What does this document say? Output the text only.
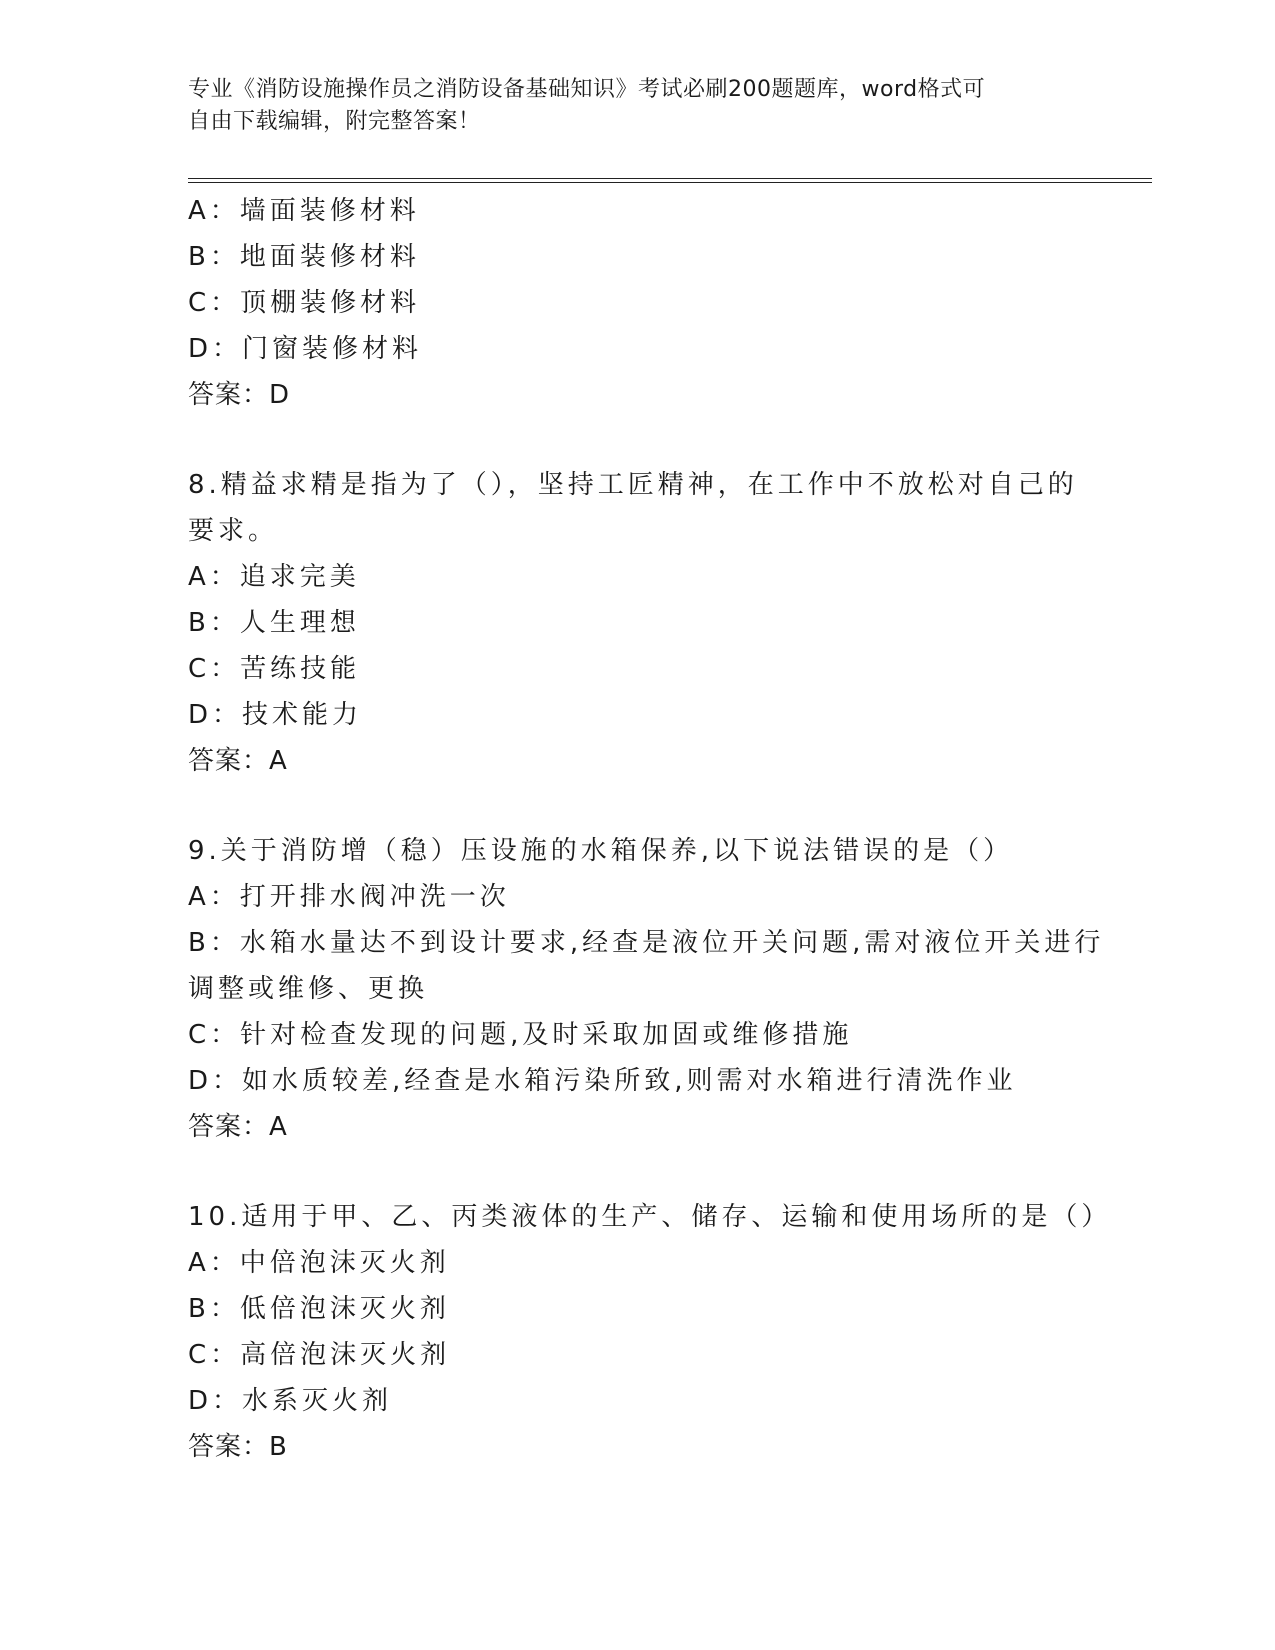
专业《消防设施操作员之消防设备基础知识》考试必刷200题题库，word格式可
自由下载编辑，附完整答案！
A：墙面装修材料
B：地面装修材料
C：顶棚装修材料
D：门窗装修材料
答案：D
8.精益求精是指为了（），坚持工匠精神，在工作中不放松对自己的
要求。
A：追求完美
B：人生理想
C：苦练技能
D：技术能力
答案：A
9.关于消防增（稳）压设施的水箱保养,以下说法错误的是（）
A：打开排水阀冲洗一次
B：水箱水量达不到设计要求,经查是液位开关问题,需对液位开关进行
调整或维修、更换
C：针对检查发现的问题,及时采取加固或维修措施
D：如水质较差,经查是水箱污染所致,则需对水箱进行清洗作业
答案：A
10.适用于甲、乙、丙类液体的生产、储存、运输和使用场所的是（）
A：中倍泡沫灭火剂
B：低倍泡沫灭火剂
C：高倍泡沫灭火剂
D：水系灭火剂
答案：B
